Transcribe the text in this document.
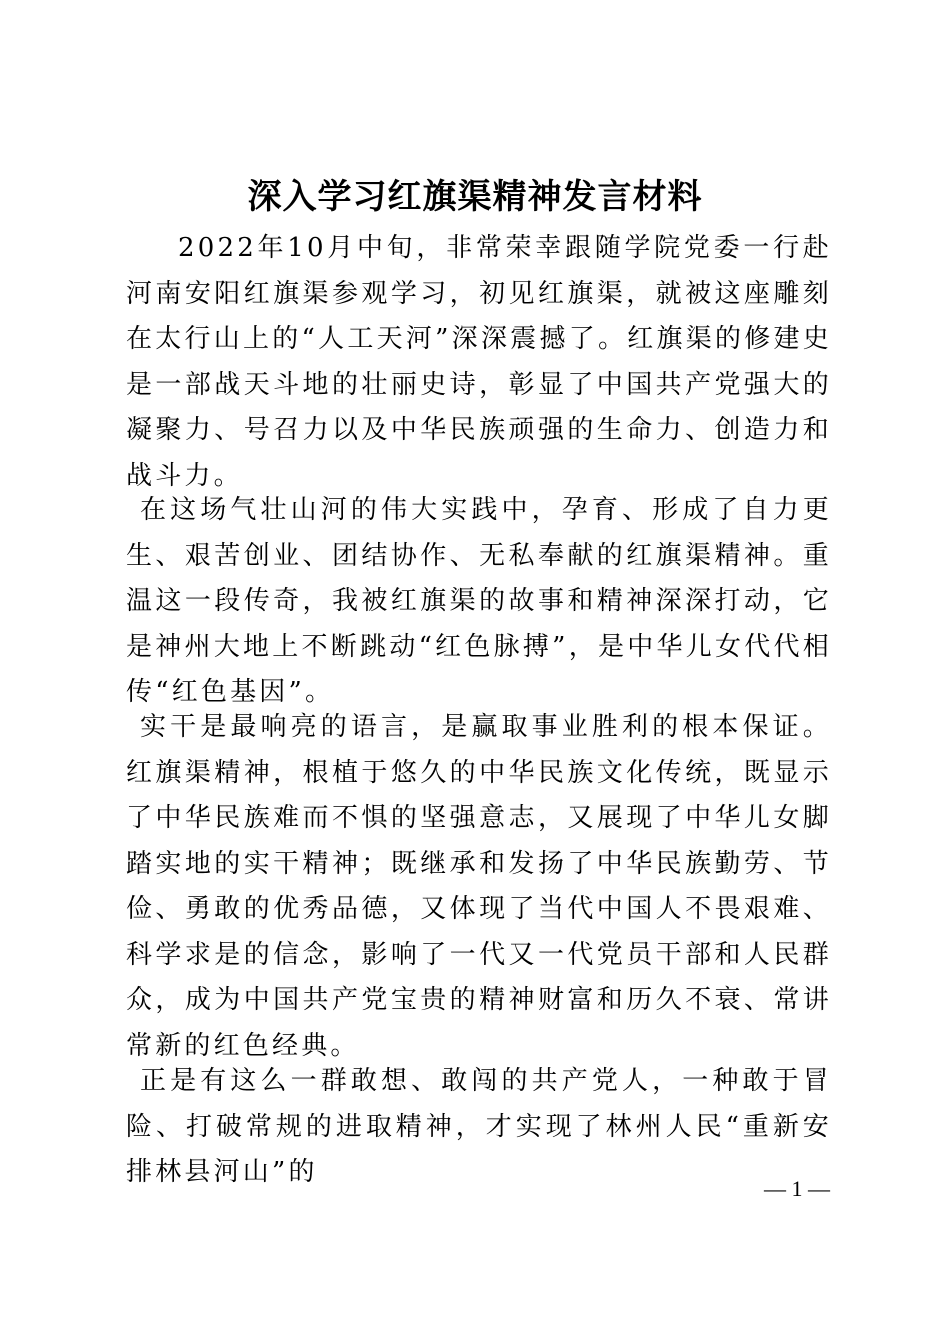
深入学习红旗渠精神发言材料

2022年10月中旬，非常荣幸跟随学院党委一行赴河南安阳红旗渠参观学习，初见红旗渠，就被这座雕刻在太行山上的“人工天河”深深震撼了。红旗渠的修建史是一部战天斗地的壮丽史诗，彰显了中国共产党强大的凝聚力、号召力以及中华民族顽强的生命力、创造力和战斗力。

在这场气壮山河的伟大实践中，孕育、形成了自力更生、艰苦创业、团结协作、无私奉献的红旗渠精神。重温这一段传奇，我被红旗渠的故事和精神深深打动，它是神州大地上不断跳动“红色脉搏”，是中华儿女代代相传“红色基因”。

实干是最响亮的语言，是赢取事业胜利的根本保证。红旗渠精神，根植于悠久的中华民族文化传统，既显示了中华民族难而不惧的坚强意志，又展现了中华儿女脚踏实地的实干精神；既继承和发扬了中华民族勤劳、节俭、勇敢的优秀品德，又体现了当代中国人不畏艰难、科学求是的信念，影响了一代又一代党员干部和人民群众，成为中国共产党宝贵的精神财富和历久不衰、常讲常新的红色经典。

正是有这么一群敢想、敢闯的共产党人，一种敢于冒险、打破常规的进取精神，才实现了林州人民“重新安排林县河山”的

— 1 —
